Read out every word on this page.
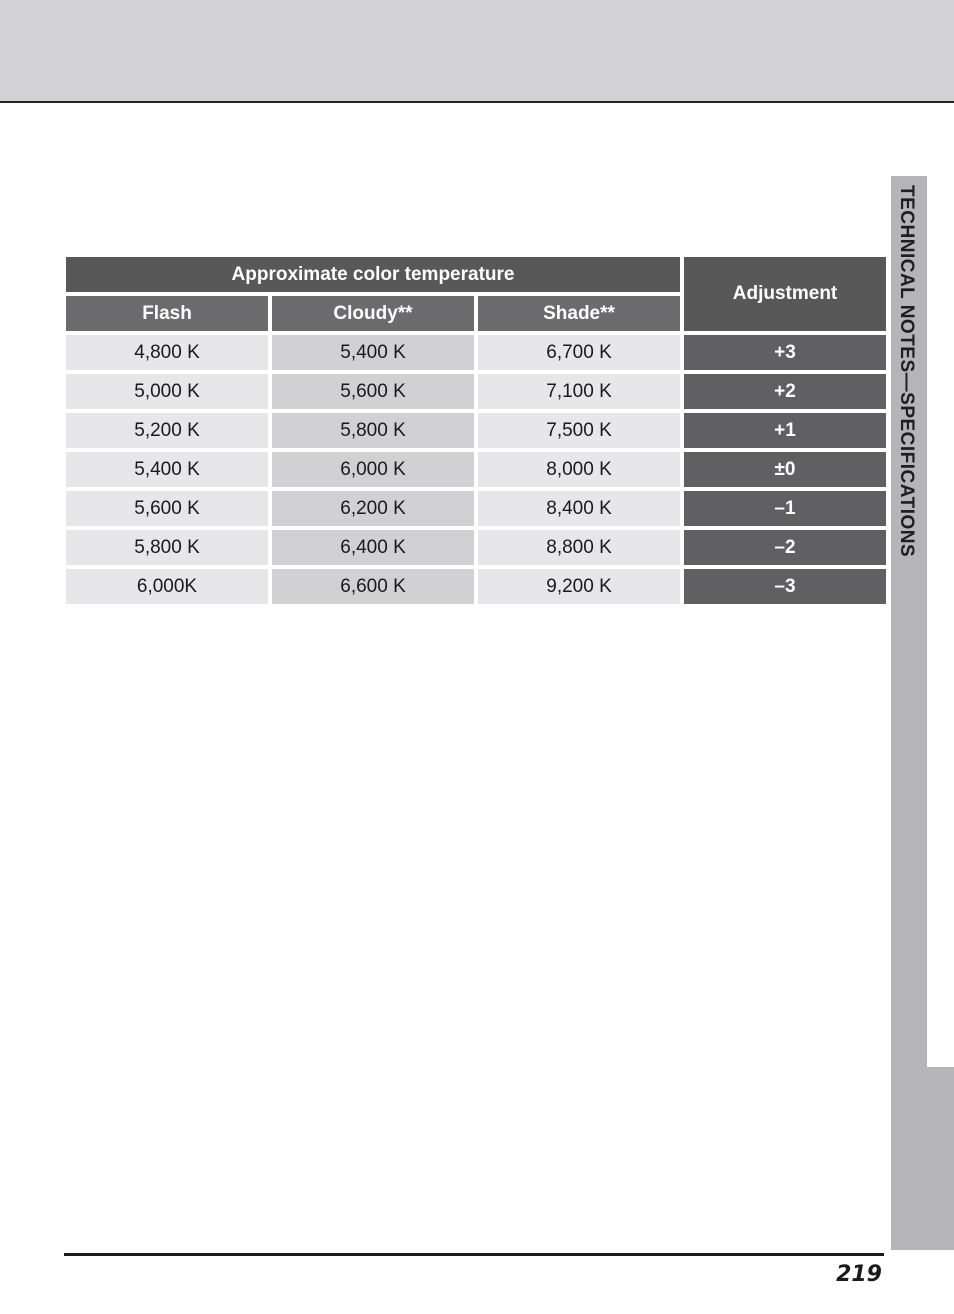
TECHNICAL NOTES—SPECIFICATIONS
Approximate color temperature			Adjustment
Flash	Cloudy**	Shade**	
4,800 K	5,400 K	6,700 K	+3
5,000 K	5,600 K	7,100 K	+2
5,200 K	5,800 K	7,500 K	+1
5,400 K	6,000 K	8,000 K	±0
5,600 K	6,200 K	8,400 K	–1
5,800 K	6,400 K	8,800 K	–2
6,000K	6,600 K	9,200 K	–3
219
